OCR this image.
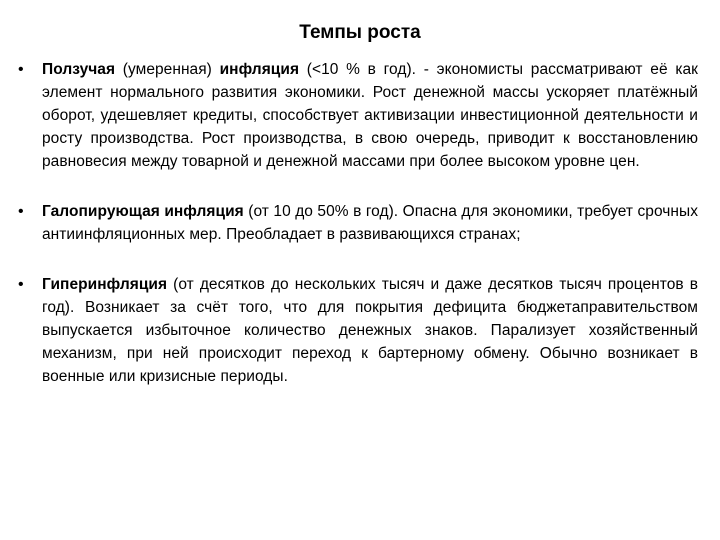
Темпы роста
• Ползучая (умеренная) инфляция (<10 % в год). - экономисты рассматривают её как элемент нормального развития экономики. Рост денежной массы ускоряет платёжный оборот, удешевляет кредиты, способствует активизации инвестиционной деятельности и росту производства. Рост производства, в свою очередь, приводит к восстановлению равновесия между товарной и денежной массами при более высоком уровне цен.
• Галопирующая инфляция (от 10 до 50% в год). Опасна для экономики, требует срочных антиинфляционных мер. Преобладает в развивающихся странах;
• Гиперинфляция (от десятков до нескольких тысяч и даже десятков тысяч процентов в год). Возникает за счёт того, что для покрытия дефицита бюджетаправительством выпускается избыточное количество денежных знаков. Парализует хозяйственный механизм, при ней происходит переход к бартерному обмену. Обычно возникает в военные или кризисные периоды.
